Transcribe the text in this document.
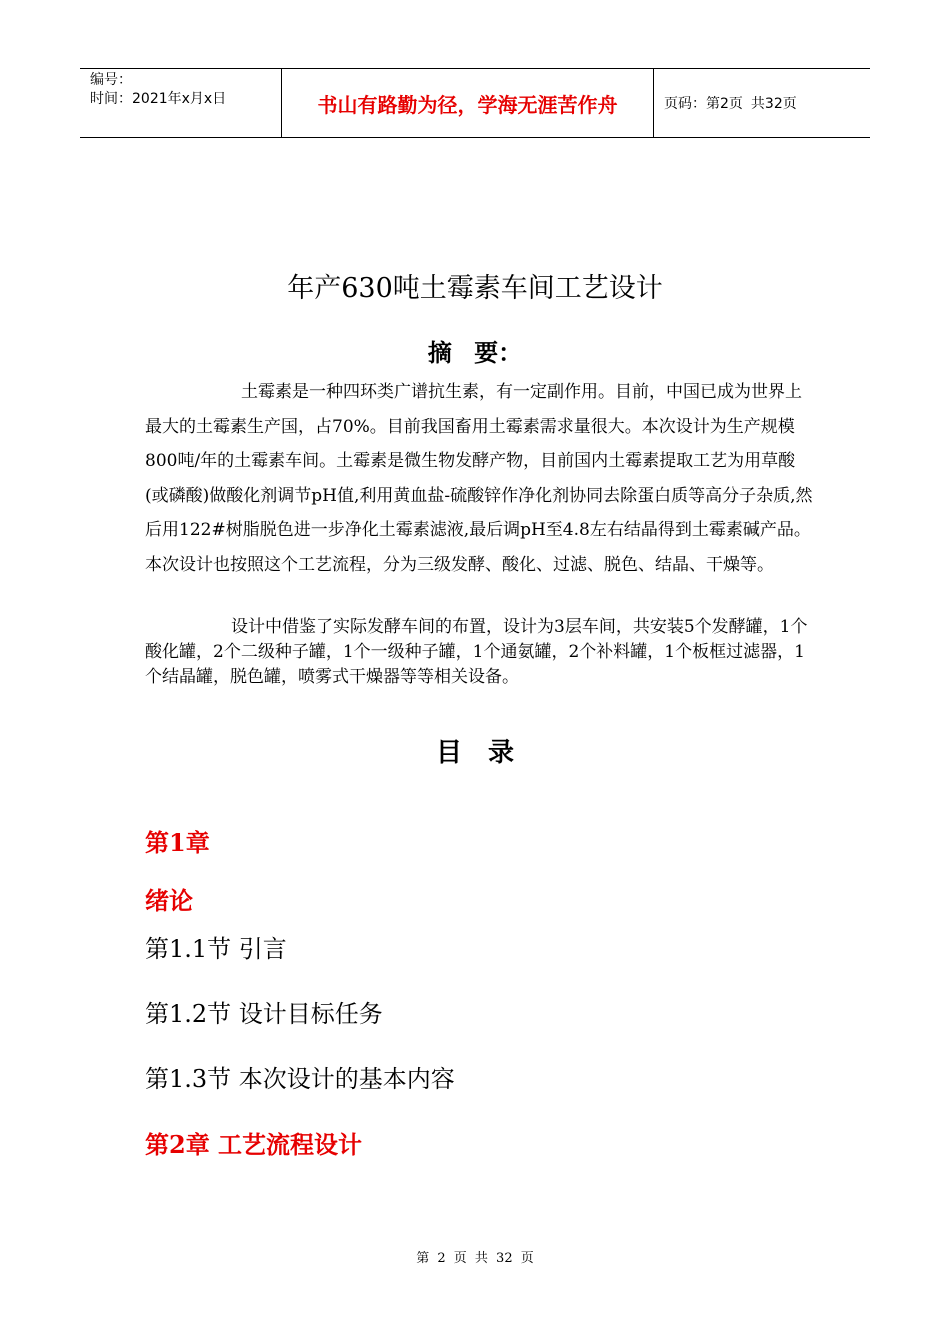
编号：
时间：2021年x月x日	书山有路勤为径，学海无涯苦作舟	页码：第2页 共32页
年产630吨土霉素车间工艺设计
摘 要：

土霉素是一种四环类广谱抗生素，有一定副作用。目前，中国已成为世界上最大的土霉素生产国，占70%。目前我国畜用土霉素需求量很大。本次设计为生产规模800吨/年的土霉素车间。土霉素是微生物发酵产物，目前国内土霉素提取工艺为用草酸(或磷酸)做酸化剂调节pH值,利用黄血盐-硫酸锌作净化剂协同去除蛋白质等高分子杂质,然后用122#树脂脱色进一步净化土霉素滤液,最后调pH至4.8左右结晶得到土霉素碱产品。本次设计也按照这个工艺流程，分为三级发酵、酸化、过滤、脱色、结晶、干燥等。

设计中借鉴了实际发酵车间的布置，设计为3层车间，共安装5个发酵罐，1个酸化罐，2个二级种子罐，1个一级种子罐，1个通氨罐，2个补料罐，1个板框过滤器，1个结晶罐，脱色罐，喷雾式干燥器等等相关设备。

目录
第1章
绪论
第1.1节 引言
第1.2节 设计目标任务
第1.3节 本次设计的基本内容
第2章 工艺流程设计
第 2 页 共 32 页
